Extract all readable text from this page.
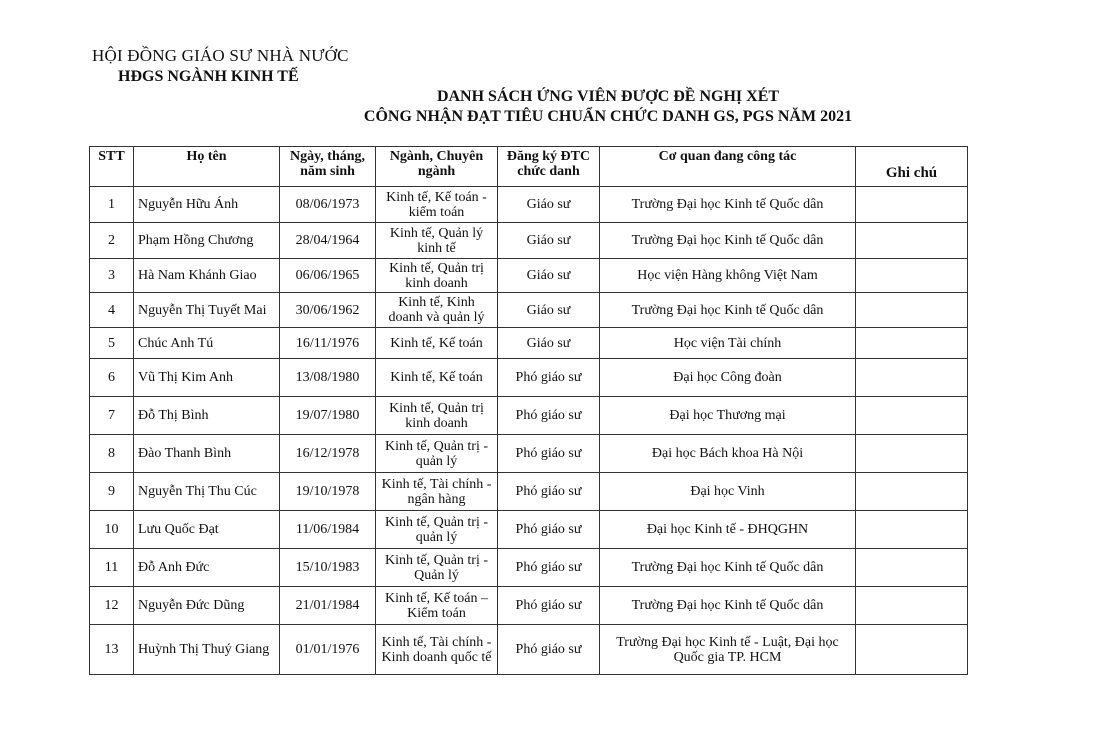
HỘI ĐỒNG GIÁO SƯ NHÀ NƯỚC
HĐGS NGÀNH KINH TẾ
DANH SÁCH ỨNG VIÊN ĐƯỢC ĐỀ NGHỊ XÉT
CÔNG NHẬN ĐẠT TIÊU CHUẨN CHỨC DANH GS, PGS NĂM 2021
STT	Họ tên	Ngày, tháng, năm sinh	Ngành, Chuyên ngành	Đăng ký ĐTC chức danh	Cơ quan đang công tác	Ghi chú
1	Nguyễn Hữu Ánh	08/06/1973	Kinh tế, Kế toán - kiểm toán	Giáo sư	Trường Đại học Kinh tế Quốc dân	
2	Phạm Hồng Chương	28/04/1964	Kinh tế, Quản lý kinh tế	Giáo sư	Trường Đại học Kinh tế Quốc dân	
3	Hà Nam Khánh Giao	06/06/1965	Kinh tế, Quản trị kinh doanh	Giáo sư	Học viện Hàng không Việt Nam	
4	Nguyễn Thị Tuyết Mai	30/06/1962	Kinh tế, Kinh doanh và quản lý	Giáo sư	Trường Đại học Kinh tế Quốc dân	
5	Chúc Anh Tú	16/11/1976	Kinh tế, Kế toán	Giáo sư	Học viện Tài chính	
6	Vũ Thị Kim Anh	13/08/1980	Kinh tế, Kế toán	Phó giáo sư	Đại học Công đoàn	
7	Đỗ Thị Bình	19/07/1980	Kinh tế, Quản trị kinh doanh	Phó giáo sư	Đại học Thương mại	
8	Đào Thanh Bình	16/12/1978	Kinh tế, Quản trị - quản lý	Phó giáo sư	Đại học Bách khoa Hà Nội	
9	Nguyễn Thị Thu Cúc	19/10/1978	Kinh tế, Tài chính - ngân hàng	Phó giáo sư	Đại học Vinh	
10	Lưu Quốc Đạt	11/06/1984	Kinh tế, Quản trị - quản lý	Phó giáo sư	Đại học Kinh tế - ĐHQGHN	
11	Đỗ Anh Đức	15/10/1983	Kinh tế, Quản trị - Quản lý	Phó giáo sư	Trường Đại học Kinh tế Quốc dân	
12	Nguyễn Đức Dũng	21/01/1984	Kinh tế, Kế toán – Kiểm toán	Phó giáo sư	Trường Đại học Kinh tế Quốc dân	
13	Huỳnh Thị Thuý Giang	01/01/1976	Kinh tế, Tài chính - Kinh doanh quốc tế	Phó giáo sư	Trường Đại học Kinh tế - Luật, Đại học Quốc gia TP. HCM	
